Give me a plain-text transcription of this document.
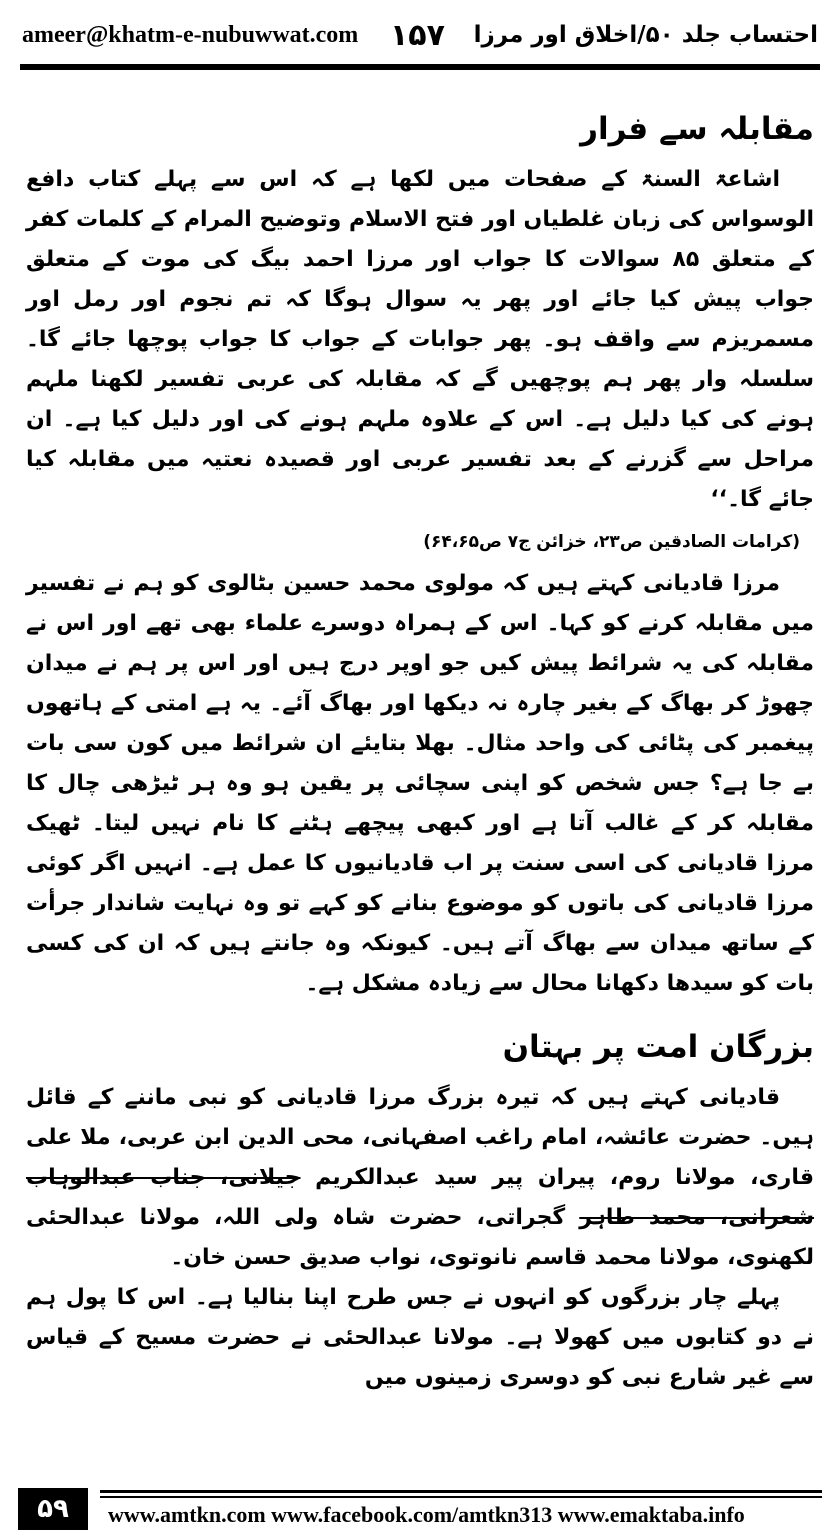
ameer@khatm-e-nubuwwat.com ۱۵۷ احتساب جلد ۵۰/اخلاق اور مرزا
مقابلہ سے فرار

اشاعۃ السنۃ کے صفحات میں لکھا ہے کہ اس سے پہلے کتاب دافع الوسواس کی زبان غلطیاں اور فتح الاسلام وتوضیح المرام کے کلمات کفر کے متعلق ۸۵ سوالات کا جواب اور مرزا احمد بیگ کی موت کے متعلق جواب پیش کیا جائے اور پھر یہ سوال ہوگا کہ تم نجوم اور رمل اور مسمریزم سے واقف ہو۔ پھر جوابات کے جواب کا جواب پوچھا جائے گا۔ سلسلہ وار پھر ہم پوچھیں گے کہ مقابلہ کی عربی تفسیر لکھنا ملہم ہونے کی کیا دلیل ہے۔ اس کے علاوہ ملہم ہونے کی اور دلیل کیا ہے۔ ان مراحل سے گزرنے کے بعد تفسیر عربی اور قصیدہ نعتیہ میں مقابلہ کیا جائے گا۔‘‘

(کرامات الصادقین ص۲۳، خزائن ج۷ ص۶۴،۶۵)

مرزا قادیانی کہتے ہیں کہ مولوی محمد حسین بٹالوی کو ہم نے تفسیر میں مقابلہ کرنے کو کہا۔ اس کے ہمراہ دوسرے علماء بھی تھے اور اس نے مقابلہ کی یہ شرائط پیش کیں جو اوپر درج ہیں اور اس پر ہم نے میدان چھوڑ کر بھاگ کے بغیر چارہ نہ دیکھا اور بھاگ آئے۔ یہ ہے امتی کے ہاتھوں پیغمبر کی پٹائی کی واحد مثال۔ بھلا بتایئے ان شرائط میں کون سی بات بے جا ہے؟ جس شخص کو اپنی سچائی پر یقین ہو وہ ہر ٹیڑھی چال کا مقابلہ کر کے غالب آتا ہے اور کبھی پیچھے ہٹنے کا نام نہیں لیتا۔ ٹھیک مرزا قادیانی کی اسی سنت پر اب قادیانیوں کا عمل ہے۔ انہیں اگر کوئی مرزا قادیانی کی باتوں کو موضوع بنانے کو کہے تو وہ نہایت شاندار جرأت کے ساتھ میدان سے بھاگ آتے ہیں۔ کیونکہ وہ جانتے ہیں کہ ان کی کسی بات کو سیدھا دکھانا محال سے زیادہ مشکل ہے۔

بزرگان امت پر بہتان

قادیانی کہتے ہیں کہ تیرہ بزرگ مرزا قادیانی کو نبی ماننے کے قائل ہیں۔ حضرت عائشہ، امام راغب اصفہانی، محی الدین ابن عربی، ملا علی قاری، مولانا روم، پیران پیر سید عبدالکریم جیلانی، جناب عبدالوہاب شعرانی، محمد طاہر گجراتی، حضرت شاہ ولی اللہ، مولانا عبدالحئی لکھنوی، مولانا محمد قاسم نانوتوی، نواب صدیق حسن خان۔

پہلے چار بزرگوں کو انہوں نے جس طرح اپنا بنالیا ہے۔ اس کا پول ہم نے دو کتابوں میں کھولا ہے۔ مولانا عبدالحئی نے حضرت مسیح کے قیاس سے غیر شارع نبی کو دوسری زمینوں میں

۵۹	www.amtkn.com www.facebook.com/amtkn313 www.emaktaba.info
